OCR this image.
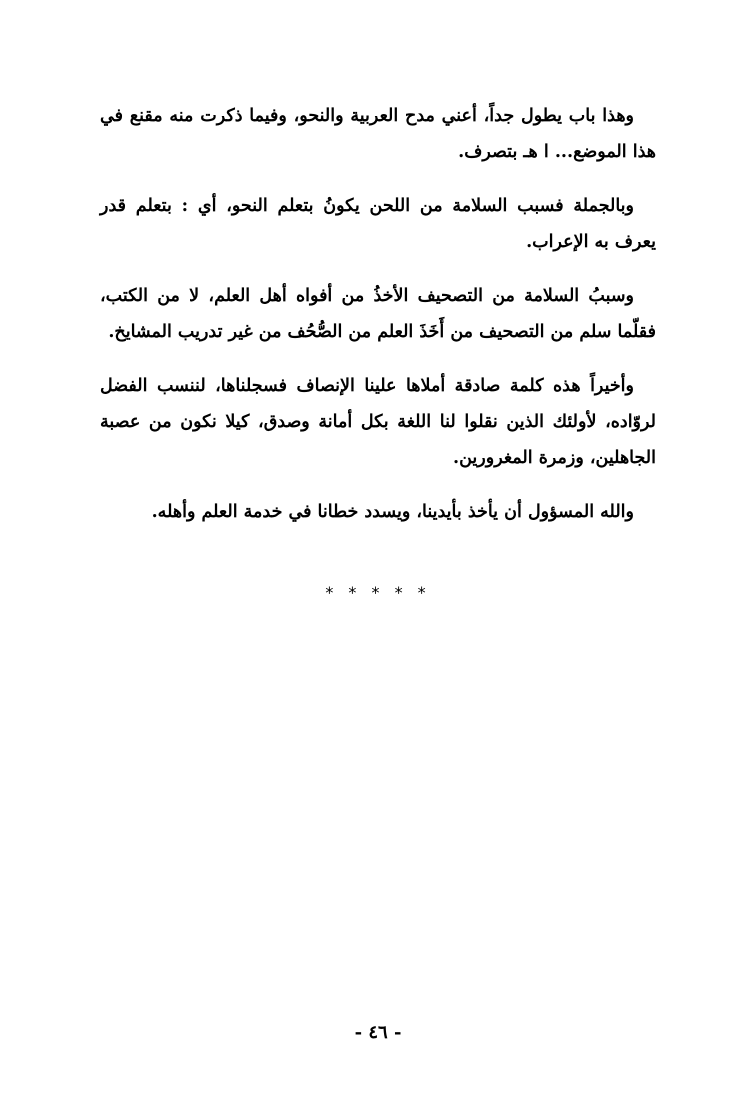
وهذا باب يطول جداً، أعني مدح العربية والنحو، وفيما ذكرت منه مقنع في هذا الموضع... ا هـ بتصرف.

وبالجملة فسبب السلامة من اللحن يكونُ بتعلم النحو، أي : بتعلم قدر يعرف به الإعراب.

وسببُ السلامة من التصحيف الأخذُ من أفواه أهل العلم، لا من الكتب، فقلّما سلم من التصحيف من أَخَذَ العلم من الصُّحُف من غير تدريب المشايخ.

وأخيراً هذه كلمة صادقة أملاها علينا الإنصاف فسجلناها، لننسب الفضل لروّاده، لأولئك الذين نقلوا لنا اللغة بكل أمانة وصدق، كيلا نكون من عصبة الجاهلين، وزمرة المغرورين.

والله المسؤول أن يأخذ بأيدينا، ويسدد خطانا في خدمة العلم وأهله.

* * * * *
- ٤٦ -
